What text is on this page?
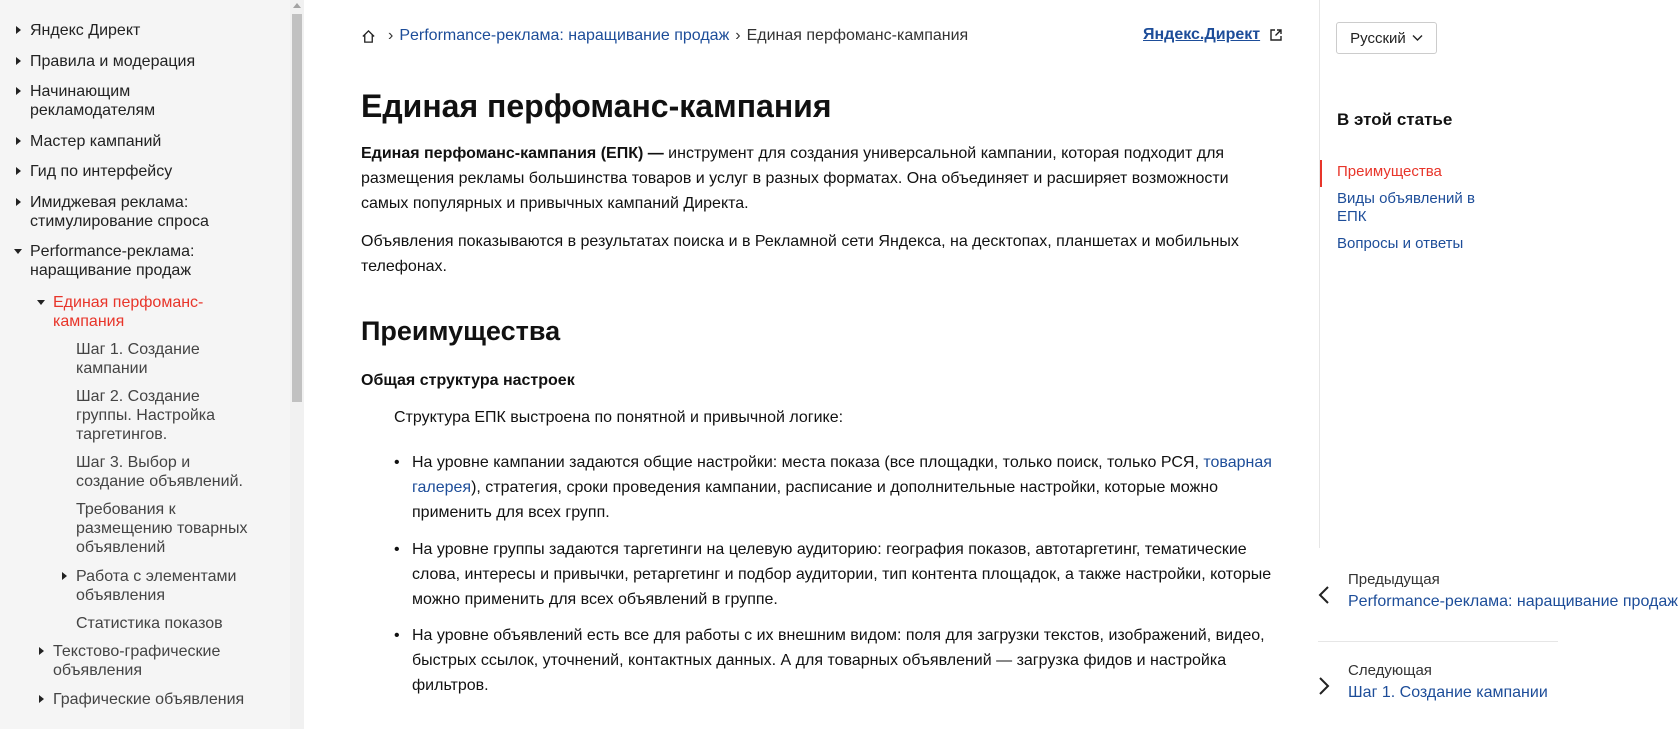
Яндекс Директ
Правила и модерация
Начинающим рекламодателям
Мастер кампаний
Гид по интерфейсу
Имиджевая реклама: стимулирование спроса
Performance-реклама: наращивание продаж
Единая перфоманс-кампания
Шаг 1. Создание кампании
Шаг 2. Создание группы. Настройка таргетингов.
Шаг 3. Выбор и создание объявлений.
Требования к размещению товарных объявлений
Работа с элементами объявления
Статистика показов
Текстово-графические объявления
Графические объявления
› Performance-реклама: наращивание продаж › Единая перфоманс-кампания	Яндекс.Директ
Единая перфоманс-кампания

Единая перфоманс-кампания (ЕПК) — инструмент для создания универсальной кампании, которая подходит для размещения рекламы большинства товаров и услуг в разных форматах. Она объединяет и расширяет возможности самых популярных и привычных кампаний Директа.

Объявления показываются в результатах поиска и в Рекламной сети Яндекса, на десктопах, планшетах и мобильных телефонах.

Преимущества
Общая структура настроек

Структура ЕПК выстроена по понятной и привычной логике:

• На уровне кампании задаются общие настройки: места показа (все площадки, только поиск, только РСЯ, товарная галерея), стратегия, сроки проведения кампании, расписание и дополнительные настройки, которые можно применить для всех групп.
• На уровне группы задаются таргетинги на целевую аудиторию: география показов, автотаргетинг, тематические слова, интересы и привычки, ретаргетинг и подбор аудитории, тип контента площадок, а также настройки, которые можно применить для всех объявлений в группе.
• На уровне объявлений есть все для работы с их внешним видом: поля для загрузки текстов, изображений, видео, быстрых ссылок, уточнений, контактных данных. А для товарных объявлений — загрузка фидов и настройка фильтров.
Русский
В этой статье
Преимущества
Виды объявлений в ЕПК
Вопросы и ответы
Предыдущая
Performance-реклама: наращивание продаж
Следующая
Шаг 1. Создание кампании
